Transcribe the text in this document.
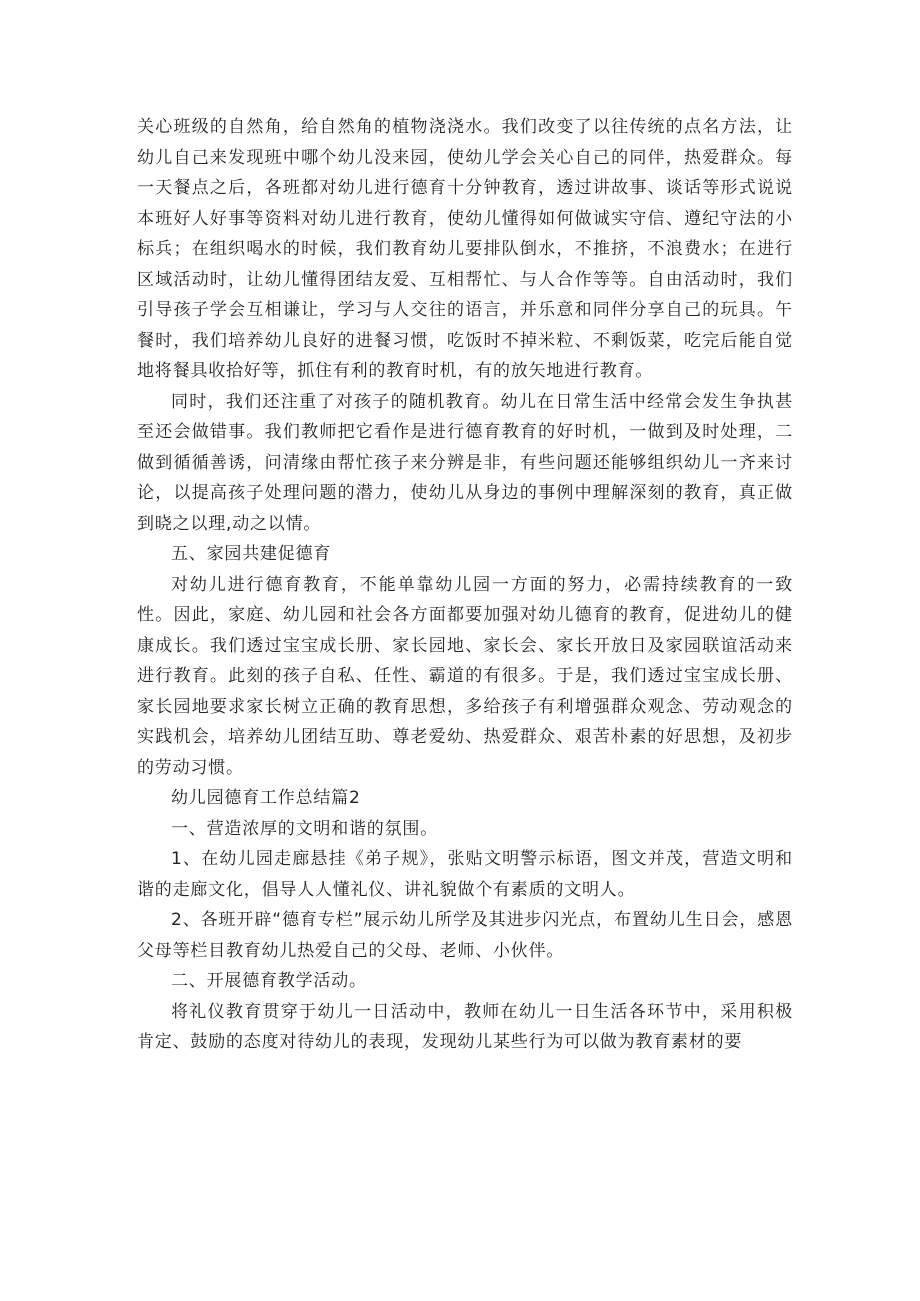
关心班级的自然角，给自然角的植物浇浇水。我们改变了以往传统的点名方法，让幼儿自己来发现班中哪个幼儿没来园，使幼儿学会关心自己的同伴，热爱群众。每一天餐点之后，各班都对幼儿进行德育十分钟教育，透过讲故事、谈话等形式说说本班好人好事等资料对幼儿进行教育，使幼儿懂得如何做诚实守信、遵纪守法的小标兵；在组织喝水的时候，我们教育幼儿要排队倒水，不推挤，不浪费水；在进行区域活动时，让幼儿懂得团结友爱、互相帮忙、与人合作等等。自由活动时，我们引导孩子学会互相谦让，学习与人交往的语言，并乐意和同伴分享自己的玩具。午餐时，我们培养幼儿良好的进餐习惯，吃饭时不掉米粒、不剩饭菜，吃完后能自觉地将餐具收拾好等，抓住有利的教育时机，有的放矢地进行教育。

同时，我们还注重了对孩子的随机教育。幼儿在日常生活中经常会发生争执甚至还会做错事。我们教师把它看作是进行德育教育的好时机，一做到及时处理，二做到循循善诱，问清缘由帮忙孩子来分辨是非，有些问题还能够组织幼儿一齐来讨论，以提高孩子处理问题的潜力，使幼儿从身边的事例中理解深刻的教育，真正做到晓之以理,动之以情。

五、家园共建促德育

对幼儿进行德育教育，不能单靠幼儿园一方面的努力，必需持续教育的一致性。因此，家庭、幼儿园和社会各方面都要加强对幼儿德育的教育，促进幼儿的健康成长。我们透过宝宝成长册、家长园地、家长会、家长开放日及家园联谊活动来进行教育。此刻的孩子自私、任性、霸道的有很多。于是，我们透过宝宝成长册、家长园地要求家长树立正确的教育思想，多给孩子有利增强群众观念、劳动观念的实践机会，培养幼儿团结互助、尊老爱幼、热爱群众、艰苦朴素的好思想，及初步的劳动习惯。

幼儿园德育工作总结篇2

一、营造浓厚的文明和谐的氛围。

1、在幼儿园走廊悬挂《弟子规》，张贴文明警示标语，图文并茂，营造文明和谐的走廊文化，倡导人人懂礼仪、讲礼貌做个有素质的文明人。

2、各班开辟“德育专栏”展示幼儿所学及其进步闪光点，布置幼儿生日会，感恩父母等栏目教育幼儿热爱自己的父母、老师、小伙伴。

二、开展德育教学活动。

将礼仪教育贯穿于幼儿一日活动中，教师在幼儿一日生活各环节中，采用积极肯定、鼓励的态度对待幼儿的表现，发现幼儿某些行为可以做为教育素材的要
